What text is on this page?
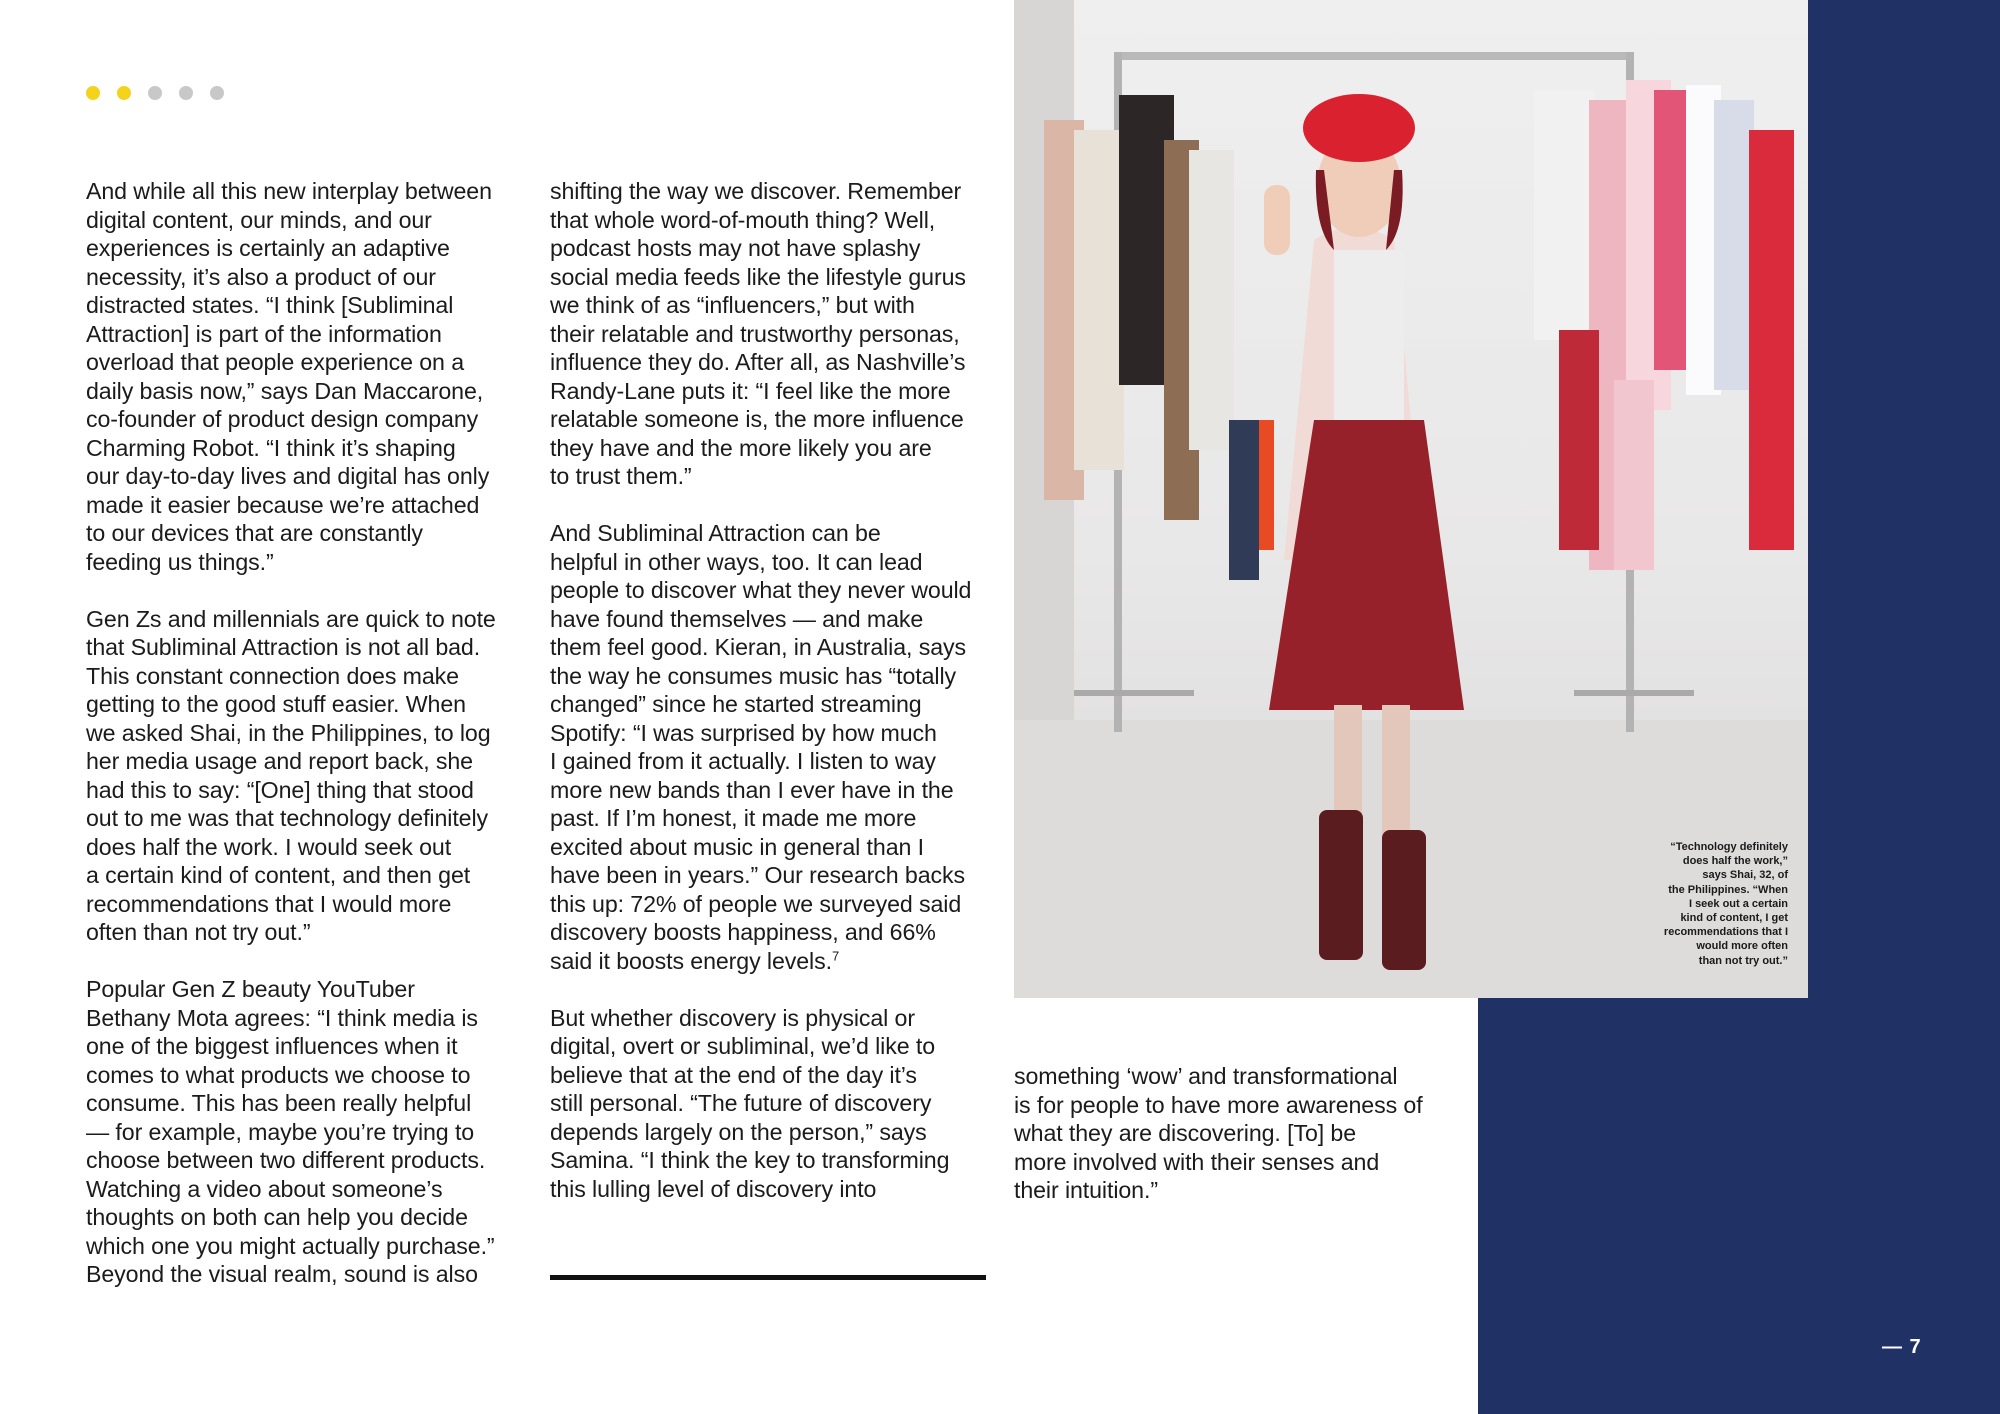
And while all this new interplay between
digital content, our minds, and our
experiences is certainly an adaptive
necessity, it’s also a product of our
distracted states. “I think [Subliminal
Attraction] is part of the information
overload that people experience on a
daily basis now,” says Dan Maccarone,
co-founder of product design company
Charming Robot. “I think it’s shaping
our day-to-day lives and digital has only
made it easier because we’re attached
to our devices that are constantly
feeding us things.”

Gen Zs and millennials are quick to note
that Subliminal Attraction is not all bad.
This constant connection does make
getting to the good stuff easier. When
we asked Shai, in the Philippines, to log
her media usage and report back, she
had this to say: “[One] thing that stood
out to me was that technology definitely
does half the work. I would seek out
a certain kind of content, and then get
recommendations that I would more
often than not try out.”

Popular Gen Z beauty YouTuber
Bethany Mota agrees: “I think media is
one of the biggest influences when it
comes to what products we choose to
consume. This has been really helpful
— for example, maybe you’re trying to
choose between two different products.
Watching a video about someone’s
thoughts on both can help you decide
which one you might actually purchase.”
Beyond the visual realm, sound is also

shifting the way we discover. Remember
that whole word-of-mouth thing? Well,
podcast hosts may not have splashy
social media feeds like the lifestyle gurus
we think of as “influencers,” but with
their relatable and trustworthy personas,
influence they do. After all, as Nashville’s
Randy-Lane puts it: “I feel like the more
relatable someone is, the more influence
they have and the more likely you are
to trust them.”

And Subliminal Attraction can be
helpful in other ways, too. It can lead
people to discover what they never would
have found themselves — and make
them feel good. Kieran, in Australia, says
the way he consumes music has “totally
changed” since he started streaming
Spotify: “I was surprised by how much
I gained from it actually. I listen to way
more new bands than I ever have in the
past. If I’m honest, it made me more
excited about music in general than I
have been in years.” Our research backs
this up: 72% of people we surveyed said
discovery boosts happiness, and 66%
said it boosts energy levels.$^7$

But whether discovery is physical or
digital, overt or subliminal, we’d like to
believe that at the end of the day it’s
still personal. “The future of discovery
depends largely on the person,” says
Samina. “I think the key to transforming
this lulling level of discovery into

“Technology definitely
does half the work,”
says Shai, 32, of
the Philippines. “When
I seek out a certain
kind of content, I get
recommendations that I
would more often
than not try out.”

something ‘wow’ and transformational
is for people to have more awareness of
what they are discovering. [To] be
more involved with their senses and
their intuition.”

— 7
